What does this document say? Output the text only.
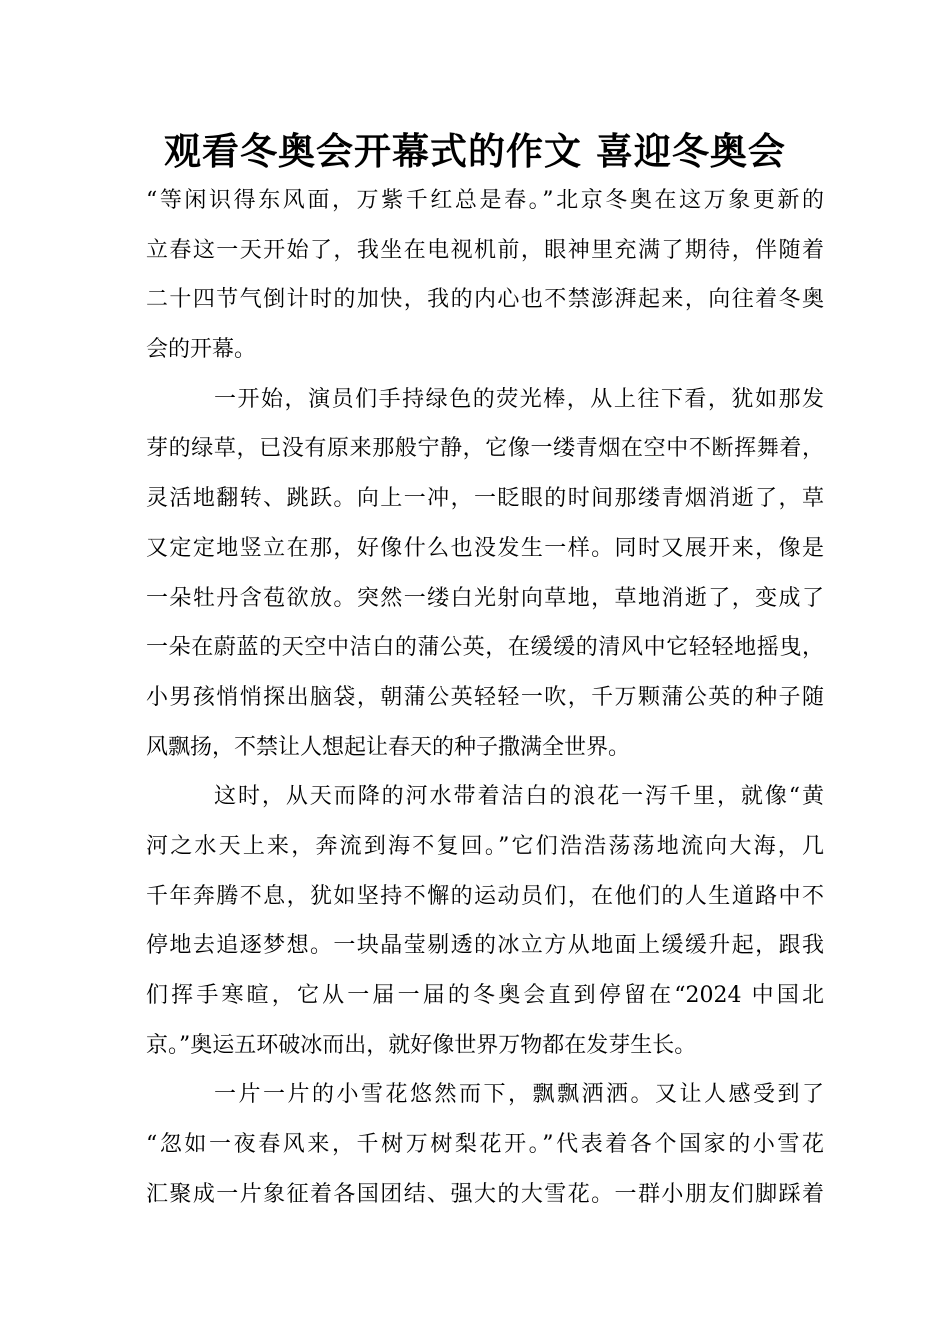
观看冬奥会开幕式的作文 喜迎冬奥会
“等闲识得东风面，万紫千红总是春。”北京冬奥在这万象更新的
立春这一天开始了，我坐在电视机前，眼神里充满了期待，伴随着
二十四节气倒计时的加快，我的内心也不禁澎湃起来，向往着冬奥
会的开幕。
一开始，演员们手持绿色的荧光棒，从上往下看，犹如那发
芽的绿草，已没有原来那般宁静，它像一缕青烟在空中不断挥舞着，
灵活地翻转、跳跃。向上一冲，一眨眼的时间那缕青烟消逝了，草
又定定地竖立在那，好像什么也没发生一样。同时又展开来，像是
一朵牡丹含苞欲放。突然一缕白光射向草地，草地消逝了，变成了
一朵在蔚蓝的天空中洁白的蒲公英，在缓缓的清风中它轻轻地摇曳，
小男孩悄悄探出脑袋，朝蒲公英轻轻一吹，千万颗蒲公英的种子随
风飘扬，不禁让人想起让春天的种子撒满全世界。
这时，从天而降的河水带着洁白的浪花一泻千里，就像“黄
河之水天上来，奔流到海不复回。”它们浩浩荡荡地流向大海，几
千年奔腾不息，犹如坚持不懈的运动员们，在他们的人生道路中不
停地去追逐梦想。一块晶莹剔透的冰立方从地面上缓缓升起，跟我
们挥手寒暄，它从一届一届的冬奥会直到停留在“2024 中国北
京。”奥运五环破冰而出，就好像世界万物都在发芽生长。
一片一片的小雪花悠然而下，飘飘洒洒。又让人感受到了
“忽如一夜春风来，千树万树梨花开。”代表着各个国家的小雪花
汇聚成一片象征着各国团结、强大的大雪花。一群小朋友们脚踩着
